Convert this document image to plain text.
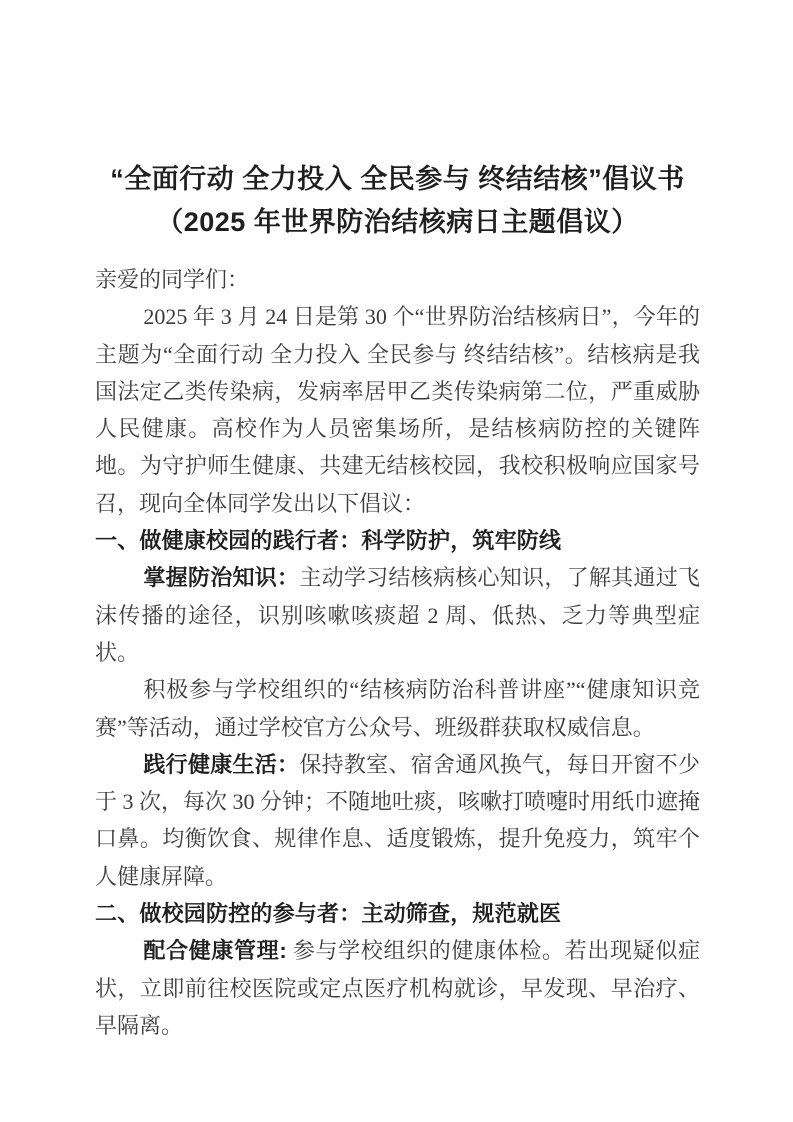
“全面行动 全力投入 全民参与 终结结核”倡议书
（2025 年世界防治结核病日主题倡议）

亲爱的同学们：

2025 年 3 月 24 日是第 30 个“世界防治结核病日”，今年的主题为“全面行动 全力投入 全民参与 终结结核”。结核病是我国法定乙类传染病，发病率居甲乙类传染病第二位，严重威胁人民健康。高校作为人员密集场所，是结核病防控的关键阵地。为守护师生健康、共建无结核校园，我校积极响应国家号召，现向全体同学发出以下倡议：

一、做健康校园的践行者：科学防护，筑牢防线

掌握防治知识：主动学习结核病核心知识，了解其通过飞沫传播的途径，识别咳嗽咳痰超 2 周、低热、乏力等典型症状。

积极参与学校组织的“结核病防治科普讲座”“健康知识竞赛”等活动，通过学校官方公众号、班级群获取权威信息。

践行健康生活：保持教室、宿舍通风换气，每日开窗不少于 3 次，每次 30 分钟；不随地吐痰，咳嗽打喷嚏时用纸巾遮掩口鼻。均衡饮食、规律作息、适度锻炼，提升免疫力，筑牢个人健康屏障。

二、做校园防控的参与者：主动筛查，规范就医

配合健康管理: 参与学校组织的健康体检。若出现疑似症状，立即前往校医院或定点医疗机构就诊，早发现、早治疗、早隔离。
